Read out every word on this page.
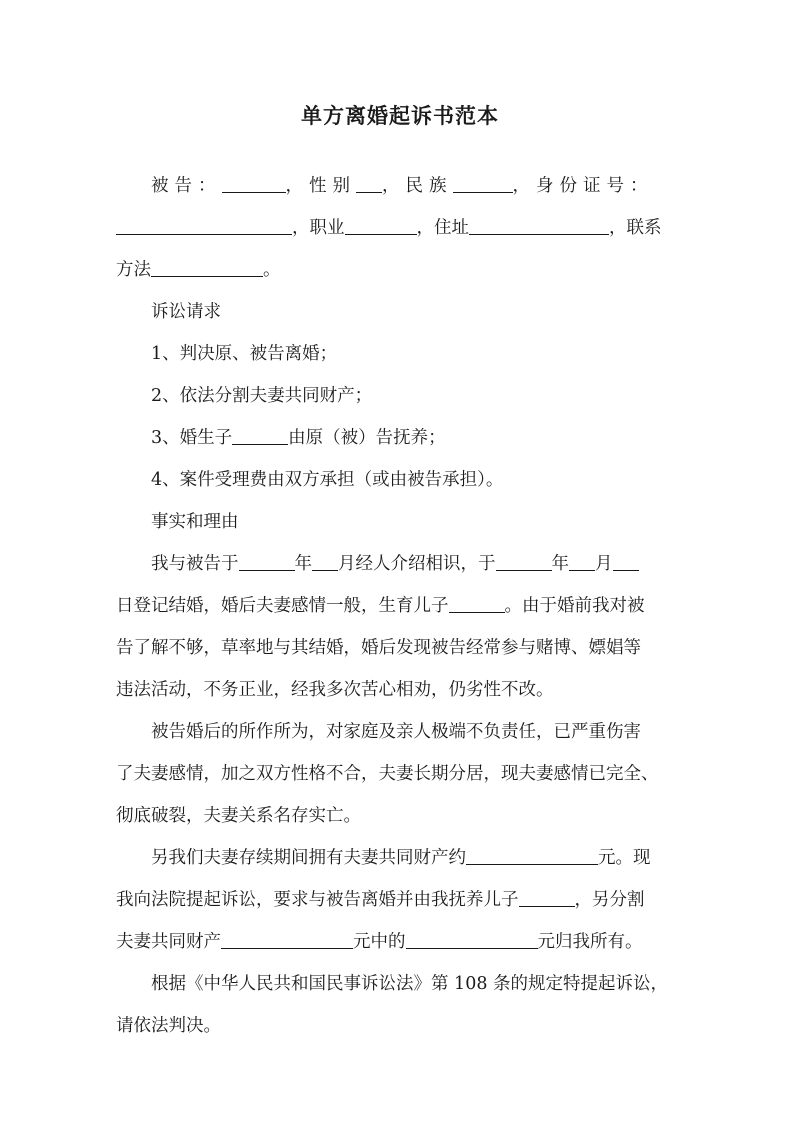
单方离婚起诉书范本
被告：	，性别 ，民族	，身份证号：
，职业	，住址	，联系
方法	。

诉讼请求

1、判决原、被告离婚；

2、依法分割夫妻共同财产；

3、婚生子	由原（被）告抚养；

4、案件受理费由双方承担（或由被告承担）。

事实和理由

我与被告于	年 月经人介绍相识，于	年 月
日登记结婚，婚后夫妻感情一般，生育儿子	。由于婚前我对被
告了解不够，草率地与其结婚，婚后发现被告经常参与赌博、嫖娼等
违法活动，不务正业，经我多次苦心相劝，仍劣性不改。
被告婚后的所作所为，对家庭及亲人极端不负责任，已严重伤害
了夫妻感情，加之双方性格不合，夫妻长期分居，现夫妻感情已完全、
彻底破裂，夫妻关系名存实亡。
另我们夫妻存续期间拥有夫妻共同财产约	元。现
我向法院提起诉讼，要求与被告离婚并由我抚养儿子	，另分割
夫妻共同财产	元中的	元归我所有。
根据《中华人民共和国民事诉讼法》第 108 条的规定特提起诉讼，
请依法判决。
